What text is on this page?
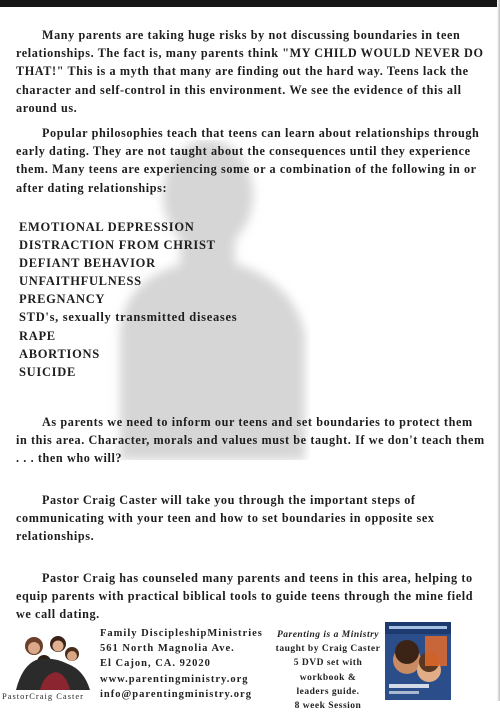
Many parents are taking huge risks by not discussing boundaries in teen relationships. The fact is, many parents think "MY CHILD WOULD NEVER DO THAT!" This is a myth that many are finding out the hard way. Teens lack the character and self-control in this environment. We see the evidence of this all around us.

Popular philosophies teach that teens can learn about relationships through early dating. They are not taught about the consequences until they experience them. Many teens are experiencing some or a combination of the following in or after dating relationships:

EMOTIONAL DEPRESSION
DISTRACTION FROM CHRIST
DEFIANT BEHAVIOR
UNFAITHFULNESS
PREGNANCY
STD's, sexually transmitted diseases
RAPE
ABORTIONS
SUICIDE

As parents we need to inform our teens and set boundaries to protect them in this area. Character, morals and values must be taught. If we don't teach them . . . then who will?

Pastor Craig Caster will take you through the important steps of communicating with your teen and how to set boundaries in opposite sex relationships.

Pastor Craig has counseled many parents and teens in this area, helping to equip parents with practical biblical tools to guide teens through the mine field we call dating.

PastorCraig Caster
Family DiscipleshipMinistries
561 North Magnolia Ave.
El Cajon, CA. 92020
www.parentingministry.org
info@parentingministry.org
Parenting is a Ministry
taught by Craig Caster
5 DVD set with workbook &
leaders guide.
8 week Session
